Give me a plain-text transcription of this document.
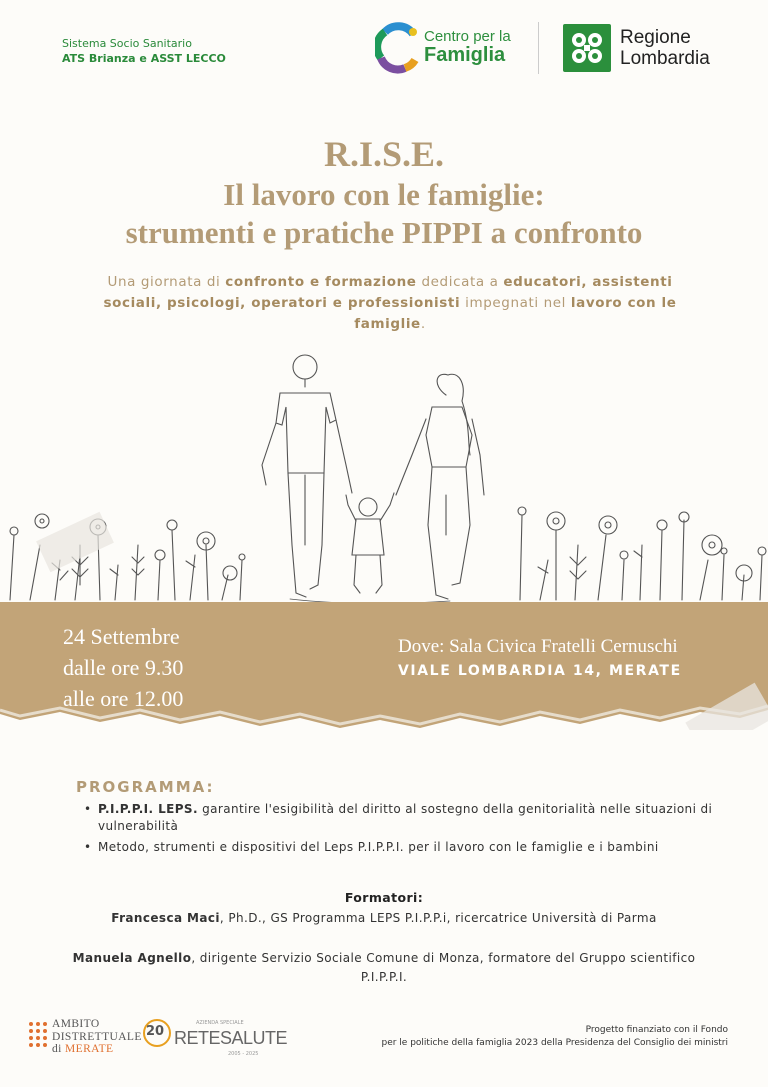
Sistema Socio Sanitario
ATS Brianza e ASST LECCO
Centro per la
Famiglia
Regione
Lombardia
R.I.S.E.
Il lavoro con le famiglie:
strumenti e pratiche PIPPI a confronto
Una giornata di confronto e formazione dedicata a educatori, assistenti sociali, psicologi, operatori e professionisti impegnati nel lavoro con le famiglie.
24 Settembre
dalle ore 9.30
alle ore 12.00
Dove: Sala Civica Fratelli Cernuschi
VIALE LOMBARDIA 14, MERATE
PROGRAMMA:
• P.I.P.P.I. LEPS. garantire l'esigibilità del diritto al sostegno della genitorialità nelle situazioni di vulnerabilità
• Metodo, strumenti e dispositivi del Leps P.I.P.P.I. per il lavoro con le famiglie e i bambini
Formatori:
Francesca Maci, Ph.D., GS Programma LEPS P.I.P.P.i, ricercatrice Università di Parma
Manuela Agnello, dirigente Servizio Sociale Comune di Monza, formatore del Gruppo scientifico P.I.P.P.I.
AMBITO
DISTRETTUALE
di MERATE
20
AZIENDA SPECIALE
RETESALUTE
2005 - 2025
Progetto finanziato con il Fondo
per le politiche della famiglia 2023 della Presidenza del Consiglio dei ministri
